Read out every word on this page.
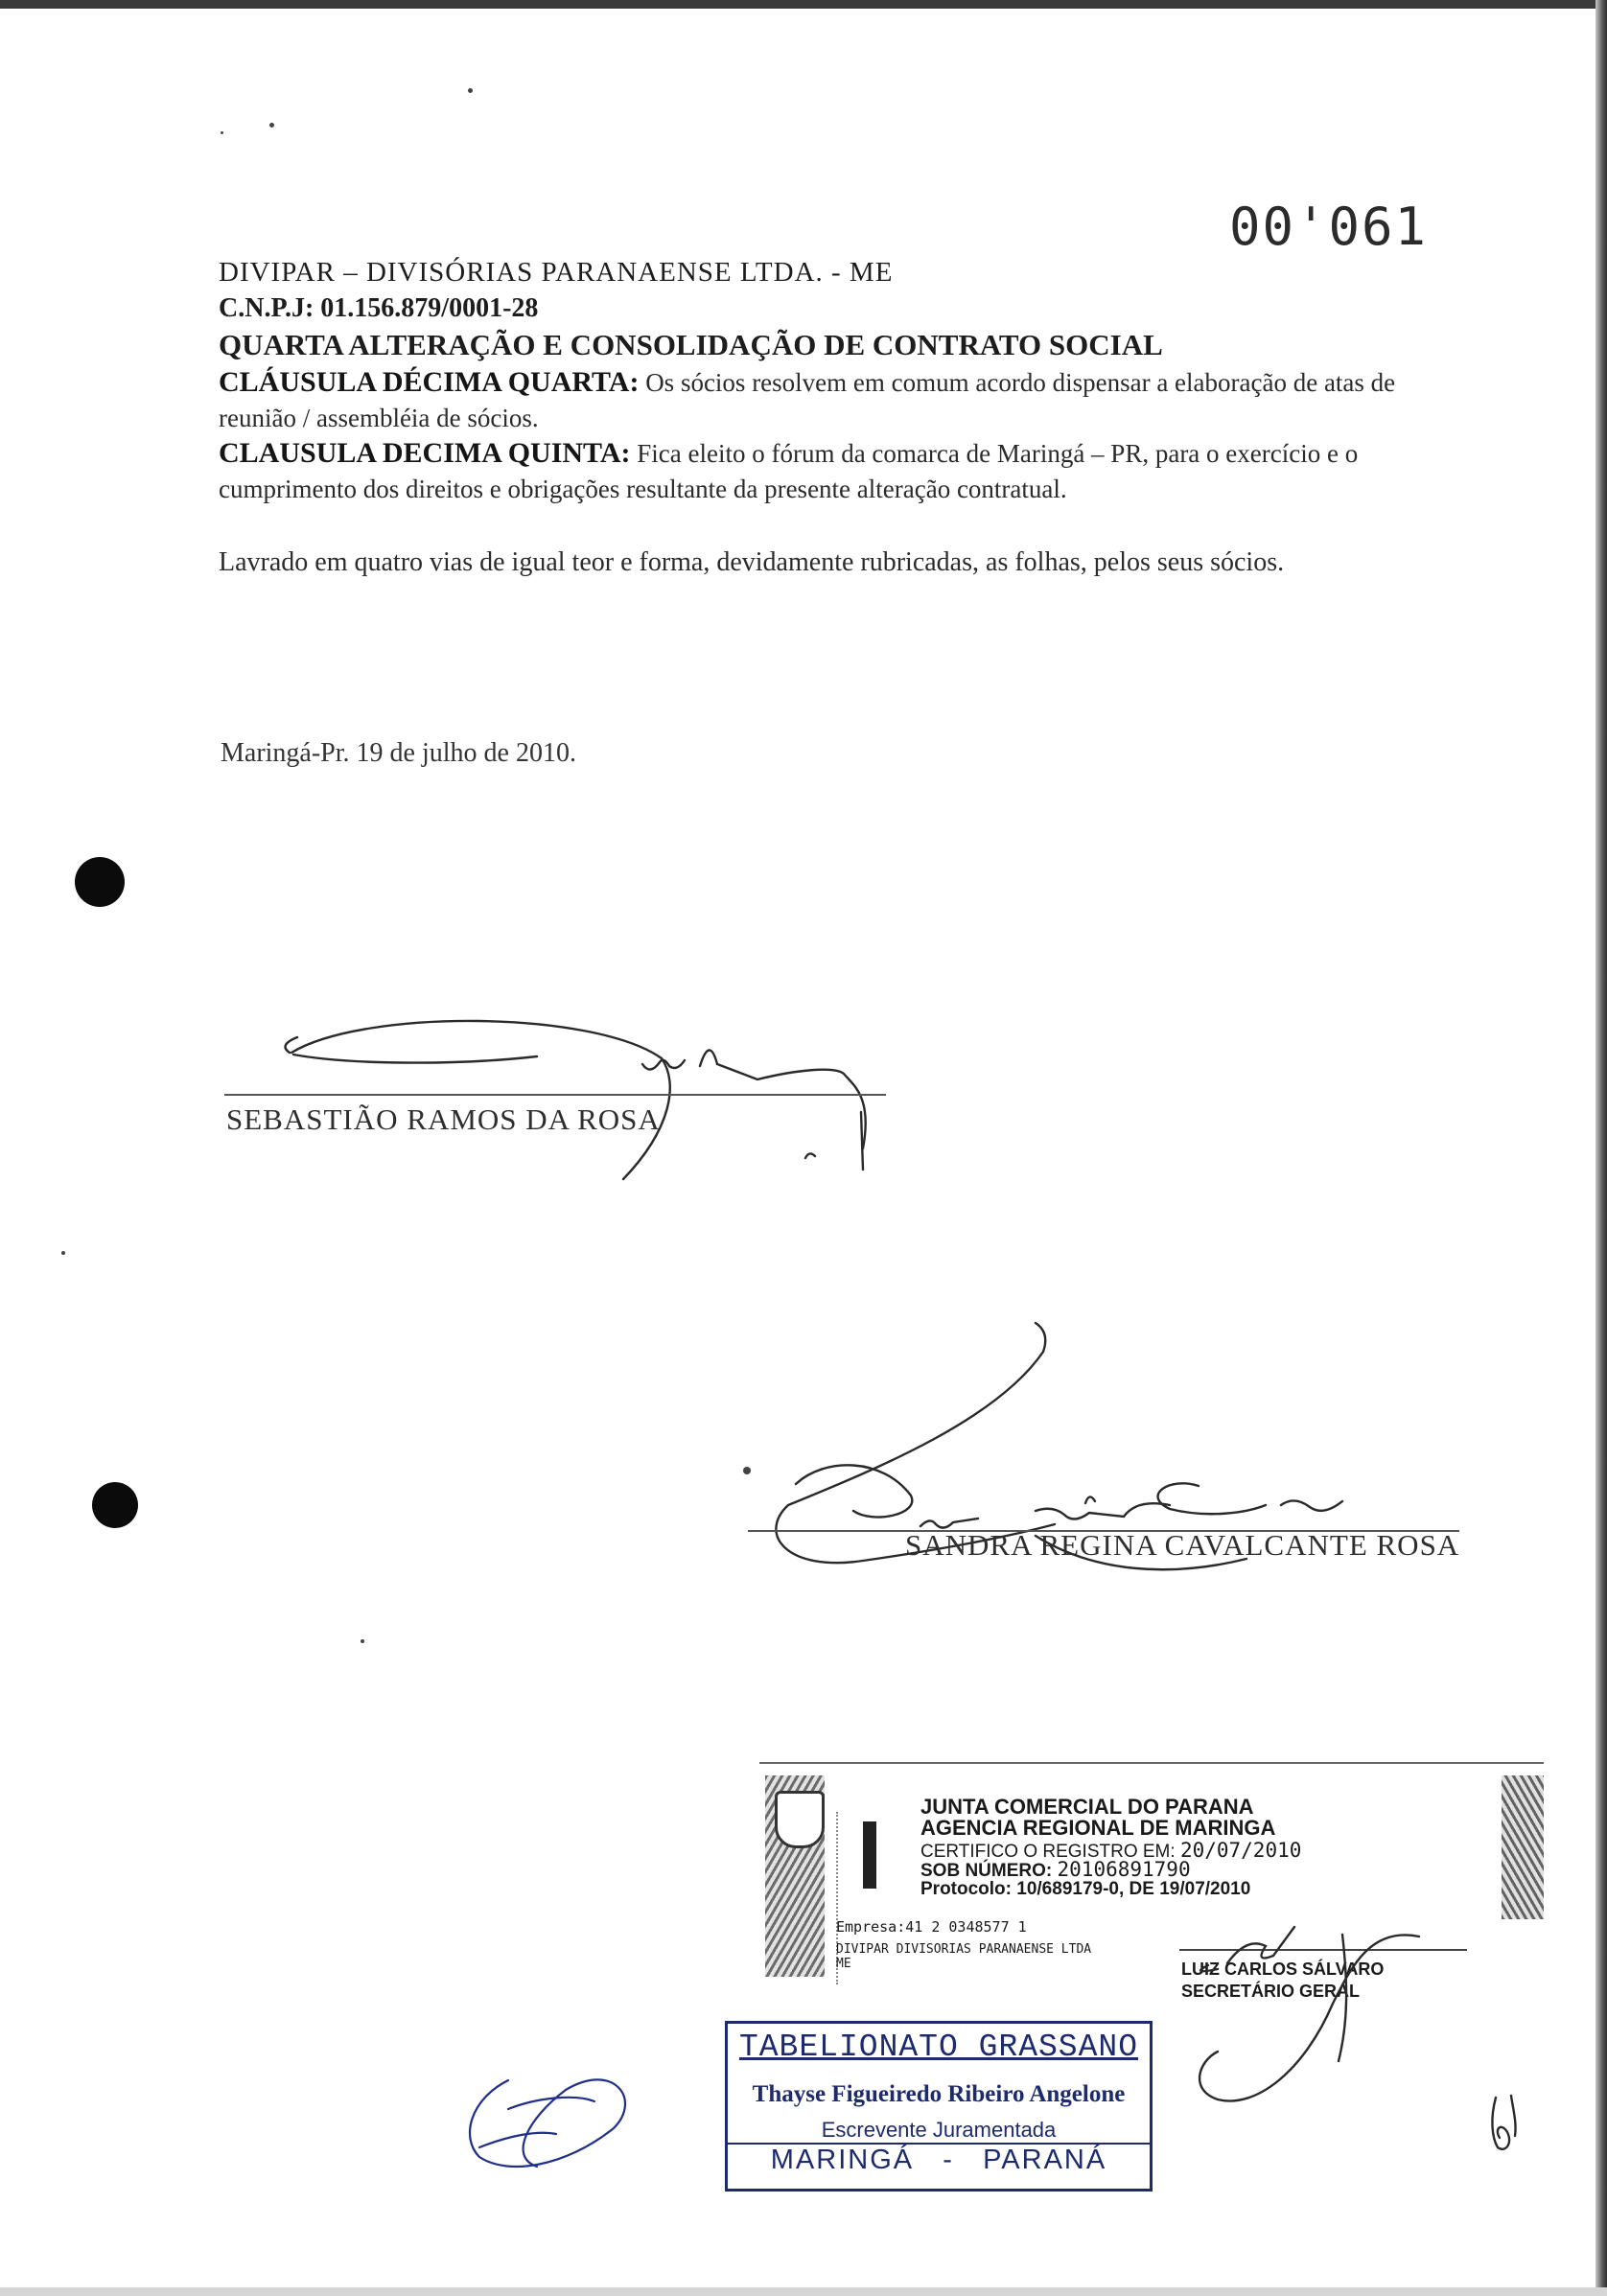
00'061
DIVIPAR – DIVISÓRIAS PARANAENSE LTDA. - ME
C.N.P.J: 01.156.879/0001-28
QUARTA ALTERAÇÃO E CONSOLIDAÇÃO DE CONTRATO SOCIAL
CLÁUSULA DÉCIMA QUARTA: Os sócios resolvem em comum acordo dispensar a elaboração de atas de reunião / assembléia de sócios.
CLAUSULA DECIMA QUINTA: Fica eleito o fórum da comarca de Maringá – PR, para o exercício e o cumprimento dos direitos e obrigações resultante da presente alteração contratual.
Lavrado em quatro vias de igual teor e forma, devidamente rubricadas, as folhas, pelos seus sócios.
Maringá-Pr. 19 de julho de 2010.
SEBASTIÃO RAMOS DA ROSA
SANDRA REGINA CAVALCANTE ROSA
JUNTA COMERCIAL DO PARANA
AGENCIA REGIONAL DE MARINGA
CERTIFICO O REGISTRO EM: 20/07/2010
SOB NÚMERO: 20106891790
Protocolo: 10/689179-0, DE 19/07/2010
Empresa:41 2 0348577 1
DIVIPAR DIVISORIAS PARANAENSE LTDA
ME	LUIZ CARLOS SÁLVARO
SECRETÁRIO GERAL
TABELIONATO GRASSANO
Thayse Figueiredo Ribeiro Angelone
Escrevente Juramentada
MARINGÁ   -   PARANÁ
